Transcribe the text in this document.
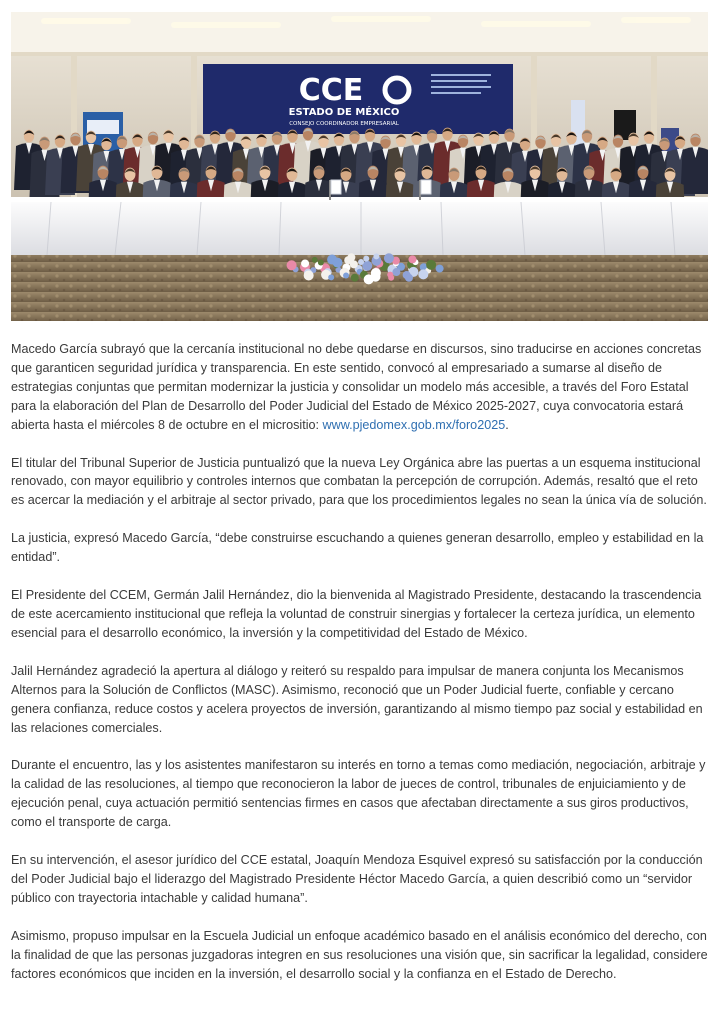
CCE
ESTADO DE MÉXICO
CONSEJO COORDINADOR EMPRESARIAL

Macedo García subrayó que la cercanía institucional no debe quedarse en discursos, sino traducirse en acciones concretas que garanticen seguridad jurídica y transparencia. En este sentido, convocó al empresariado a sumarse al diseño de estrategias conjuntas que permitan modernizar la justicia y consolidar un modelo más accesible, a través del Foro Estatal para la elaboración del Plan de Desarrollo del Poder Judicial del Estado de México 2025-2027, cuya convocatoria estará abierta hasta el miércoles 8 de octubre en el micrositio: www.pjedomex.gob.mx/foro2025.

El titular del Tribunal Superior de Justicia puntualizó que la nueva Ley Orgánica abre las puertas a un esquema institucional renovado, con mayor equilibrio y controles internos que combatan la percepción de corrupción. Además, resaltó que el reto es acercar la mediación y el arbitraje al sector privado, para que los procedimientos legales no sean la única vía de solución.

La justicia, expresó Macedo García, “debe construirse escuchando a quienes generan desarrollo, empleo y estabilidad en la entidad”.

El Presidente del CCEM, Germán Jalil Hernández, dio la bienvenida al Magistrado Presidente, destacando la trascendencia de este acercamiento institucional que refleja la voluntad de construir sinergias y fortalecer la certeza jurídica, un elemento esencial para el desarrollo económico, la inversión y la competitividad del Estado de México.

Jalil Hernández agradeció la apertura al diálogo y reiteró su respaldo para impulsar de manera conjunta los Mecanismos Alternos para la Solución de Conflictos (MASC). Asimismo, reconoció que un Poder Judicial fuerte, confiable y cercano genera confianza, reduce costos y acelera proyectos de inversión, garantizando al mismo tiempo paz social y estabilidad en las relaciones comerciales.

Durante el encuentro, las y los asistentes manifestaron su interés en torno a temas como mediación, negociación, arbitraje y la calidad de las resoluciones, al tiempo que reconocieron la labor de jueces de control, tribunales de enjuiciamiento y de ejecución penal, cuya actuación permitió sentencias firmes en casos que afectaban directamente a sus giros productivos, como el transporte de carga.

En su intervención, el asesor jurídico del CCE estatal, Joaquín Mendoza Esquivel expresó su satisfacción por la conducción del Poder Judicial bajo el liderazgo del Magistrado Presidente Héctor Macedo García, a quien describió como un “servidor público con trayectoria intachable y calidad humana”.

Asimismo, propuso impulsar en la Escuela Judicial un enfoque académico basado en el análisis económico del derecho, con la finalidad de que las personas juzgadoras integren en sus resoluciones una visión que, sin sacrificar la legalidad, considere factores económicos que inciden en la inversión, el desarrollo social y la confianza en el Estado de Derecho.
